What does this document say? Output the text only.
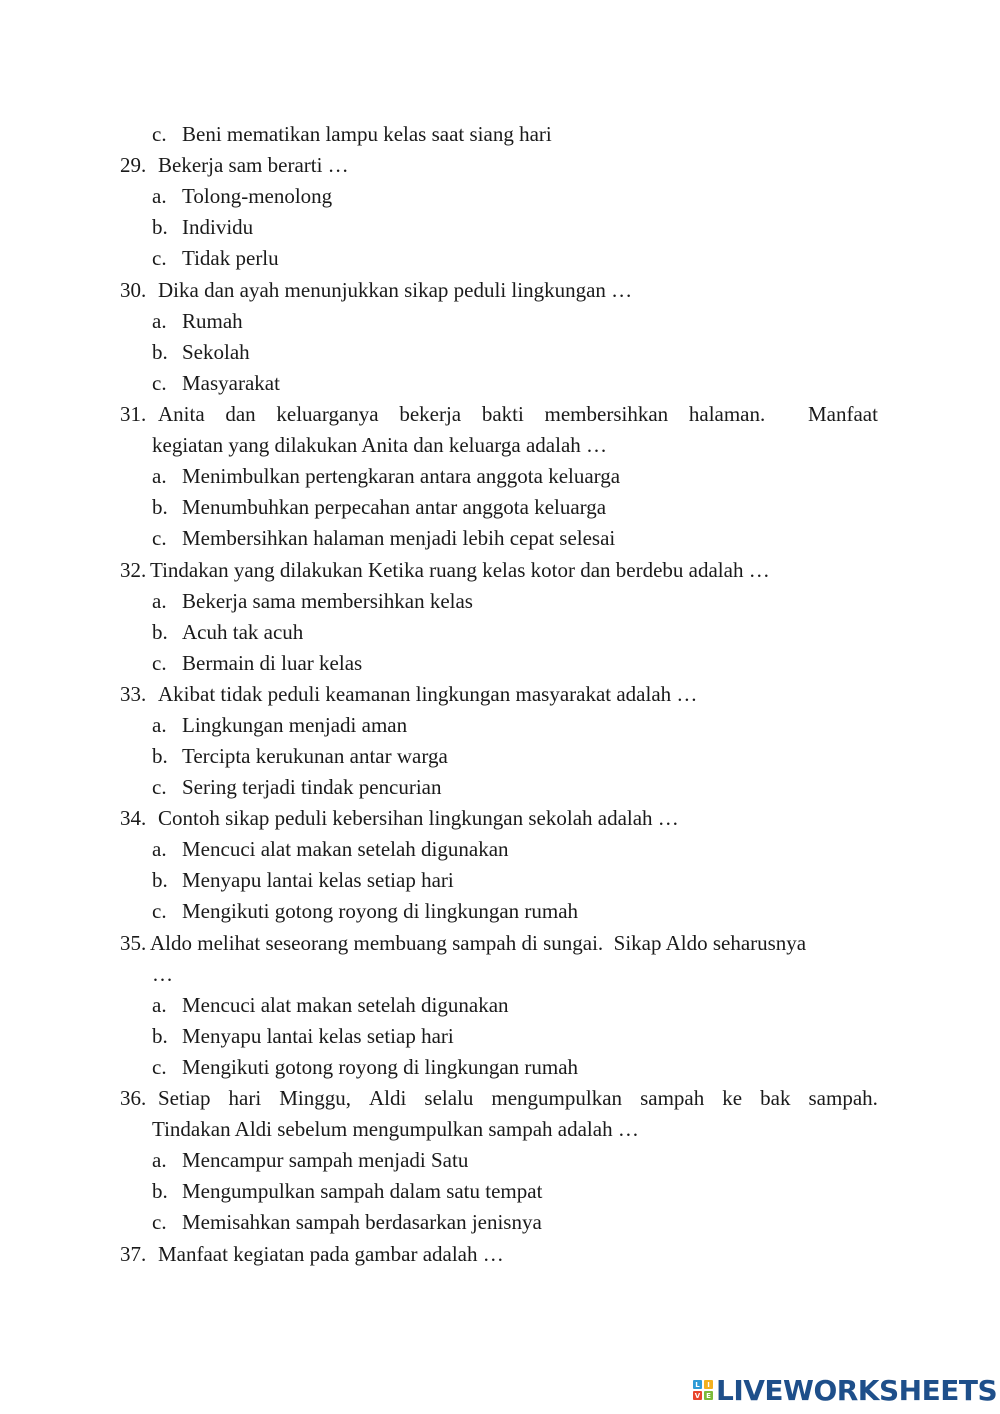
c. Beni mematikan lampu kelas saat siang hari
29. Bekerja sam berarti …
a. Tolong-menolong
b. Individu
c. Tidak perlu
30. Dika dan ayah menunjukkan sikap peduli lingkungan …
a. Rumah
b. Sekolah
c. Masyarakat
31. Anita dan keluarganya bekerja bakti membersihkan halaman. Manfaat
kegiatan yang dilakukan Anita dan keluarga adalah …
a. Menimbulkan pertengkaran antara anggota keluarga
b. Menumbuhkan perpecahan antar anggota keluarga
c. Membersihkan halaman menjadi lebih cepat selesai
32. Tindakan yang dilakukan Ketika ruang kelas kotor dan berdebu adalah …
a. Bekerja sama membersihkan kelas
b. Acuh tak acuh
c. Bermain di luar kelas
33. Akibat tidak peduli keamanan lingkungan masyarakat adalah …
a. Lingkungan menjadi aman
b. Tercipta kerukunan antar warga
c. Sering terjadi tindak pencurian
34. Contoh sikap peduli kebersihan lingkungan sekolah adalah …
a. Mencuci alat makan setelah digunakan
b. Menyapu lantai kelas setiap hari
c. Mengikuti gotong royong di lingkungan rumah
35. Aldo melihat seseorang membuang sampah di sungai.  Sikap Aldo seharusnya
…
a. Mencuci alat makan setelah digunakan
b. Menyapu lantai kelas setiap hari
c. Mengikuti gotong royong di lingkungan rumah
36. Setiap hari Minggu, Aldi selalu mengumpulkan sampah ke bak sampah.
Tindakan Aldi sebelum mengumpulkan sampah adalah …
a. Mencampur sampah menjadi Satu
b. Mengumpulkan sampah dalam satu tempat
c. Memisahkan sampah berdasarkan jenisnya
37. Manfaat kegiatan pada gambar adalah …
L	I
V E LIVEWORKSHEETS
